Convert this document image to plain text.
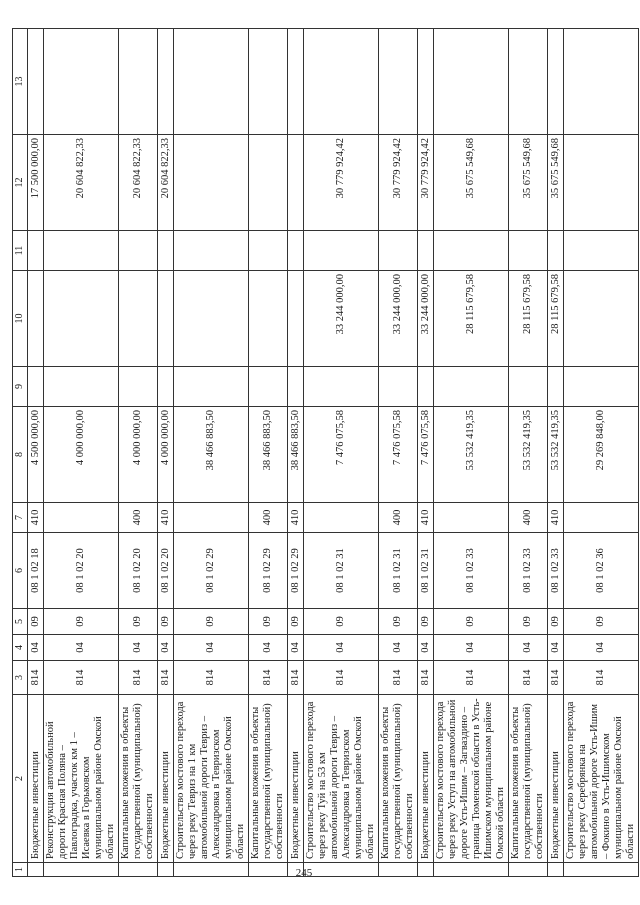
245
1	2	3	4	5	6	7	8	9	10	11	12	13
	Бюджетные инвестиции	814	04	09	08 1 02 18	410	4 500 000,00				17 500 000,00	
	Реконструкция автомобильной дороги Красная Поляна – Павлоградка, участок км 1 – Исаевка в Горьковском муниципальном районе Омской области	814	04	09	08 1 02 20		4 000 000,00				20 604 822,33	
	Капитальные вложения в объекты государственной (муниципальной) собственности	814	04	09	08 1 02 20	400	4 000 000,00				20 604 822,33	
	Бюджетные инвестиции	814	04	09	08 1 02 20	410	4 000 000,00				20 604 822,33	
	Строительство мостового перехода через реку Тевриз на 1 км автомобильной дороги Тевриз – Александровка в Тевризском муниципальном районе Омской области	814	04	09	08 1 02 29		38 466 883,50					
	Капитальные вложения в объекты государственной (муниципальной) собственности	814	04	09	08 1 02 29	400	38 466 883,50					
	Бюджетные инвестиции	814	04	09	08 1 02 29	410	38 466 883,50					
	Строительство мостового перехода через реку Туй на 53 км автомобильной дороги Тевриз – Александровка в Тевризском муниципальном районе Омской области	814	04	09	08 1 02 31		7 476 075,58		33 244 000,00		30 779 924,42	
	Капитальные вложения в объекты государственной (муниципальной) собственности	814	04	09	08 1 02 31	400	7 476 075,58		33 244 000,00		30 779 924,42	
	Бюджетные инвестиции	814	04	09	08 1 02 31	410	7 476 075,58		33 244 000,00		30 779 924,42	
	Строительство мостового перехода через реку Уступ на автомобильной дороге Усть-Ишим – Загваздино – граница Тюменской области в Усть-Ишимском муниципальном районе Омской области	814	04	09	08 1 02 33		53 532 419,35		28 115 679,58		35 675 549,68	
	Капитальные вложения в объекты государственной (муниципальной) собственности	814	04	09	08 1 02 33	400	53 532 419,35		28 115 679,58		35 675 549,68	
	Бюджетные инвестиции	814	04	09	08 1 02 33	410	53 532 419,35		28 115 679,58		35 675 549,68	
	Строительство мостового перехода через реку Серебрянка на автомобильной дороге Усть-Ишим – Фокино в Усть-Ишимском муниципальном районе Омской области	814	04	09	08 1 02 36		29 269 848,00					
